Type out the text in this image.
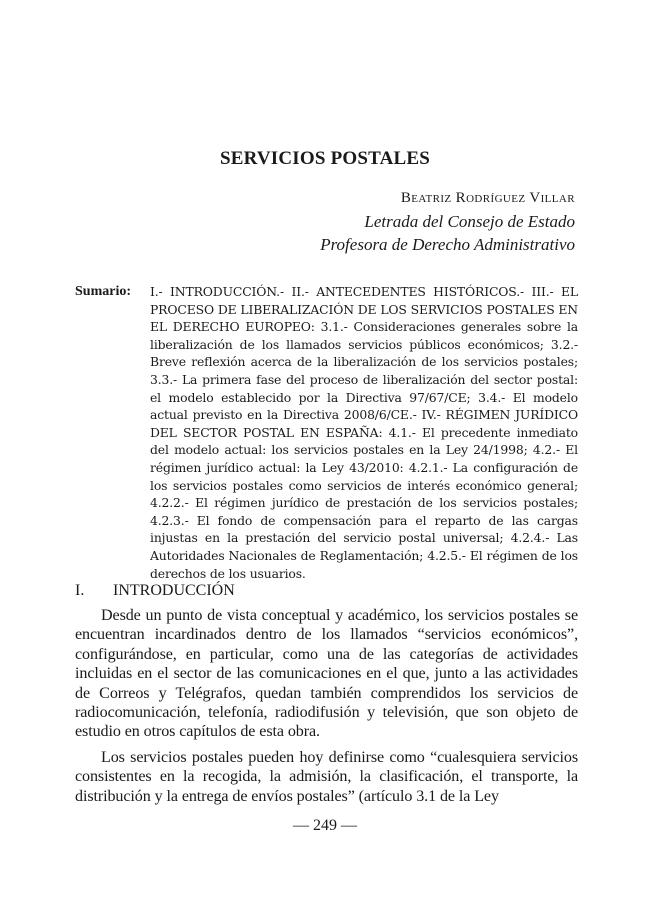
SERVICIOS POSTALES
Beatriz Rodríguez Villar
Letrada del Consejo de Estado
Profesora de Derecho Administrativo
Sumario: I.- INTRODUCCIÓN.- II.- ANTECEDENTES HISTÓRICOS.- III.- EL PROCESO DE LIBERALIZACIÓN DE LOS SERVICIOS POSTALES EN EL DERECHO EUROPEO: 3.1.- Consideraciones generales sobre la liberalización de los llamados servicios públicos económicos; 3.2.- Breve reflexión acerca de la liberalización de los servicios postales; 3.3.- La primera fase del proceso de liberalización del sector postal: el modelo establecido por la Directiva 97/67/CE; 3.4.- El modelo actual previsto en la Directiva 2008/6/CE.- IV.- RÉGIMEN JURÍDICO DEL SECTOR POSTAL EN ESPAÑA: 4.1.- El precedente inmediato del modelo actual: los servicios postales en la Ley 24/1998; 4.2.- El régimen jurídico actual: la Ley 43/2010: 4.2.1.- La configuración de los servicios postales como servicios de interés económico general; 4.2.2.- El régimen jurídico de prestación de los servicios postales; 4.2.3.- El fondo de compensación para el reparto de las cargas injustas en la prestación del servicio postal universal; 4.2.4.- Las Autoridades Nacionales de Reglamentación; 4.2.5.- El régimen de los derechos de los usuarios.
I. INTRODUCCIÓN

Desde un punto de vista conceptual y académico, los servicios postales se encuentran incardinados dentro de los llamados “servicios económicos”, configurándose, en particular, como una de las categorías de actividades incluidas en el sector de las comunicaciones en el que, junto a las actividades de Correos y Telégrafos, quedan también comprendidos los servicios de radiocomunicación, telefonía, radiodifusión y televisión, que son objeto de estudio en otros capítulos de esta obra.

Los servicios postales pueden hoy definirse como “cualesquiera servicios consistentes en la recogida, la admisión, la clasificación, el transporte, la distribución y la entrega de envíos postales” (artículo 3.1 de la Ley

— 249 —
